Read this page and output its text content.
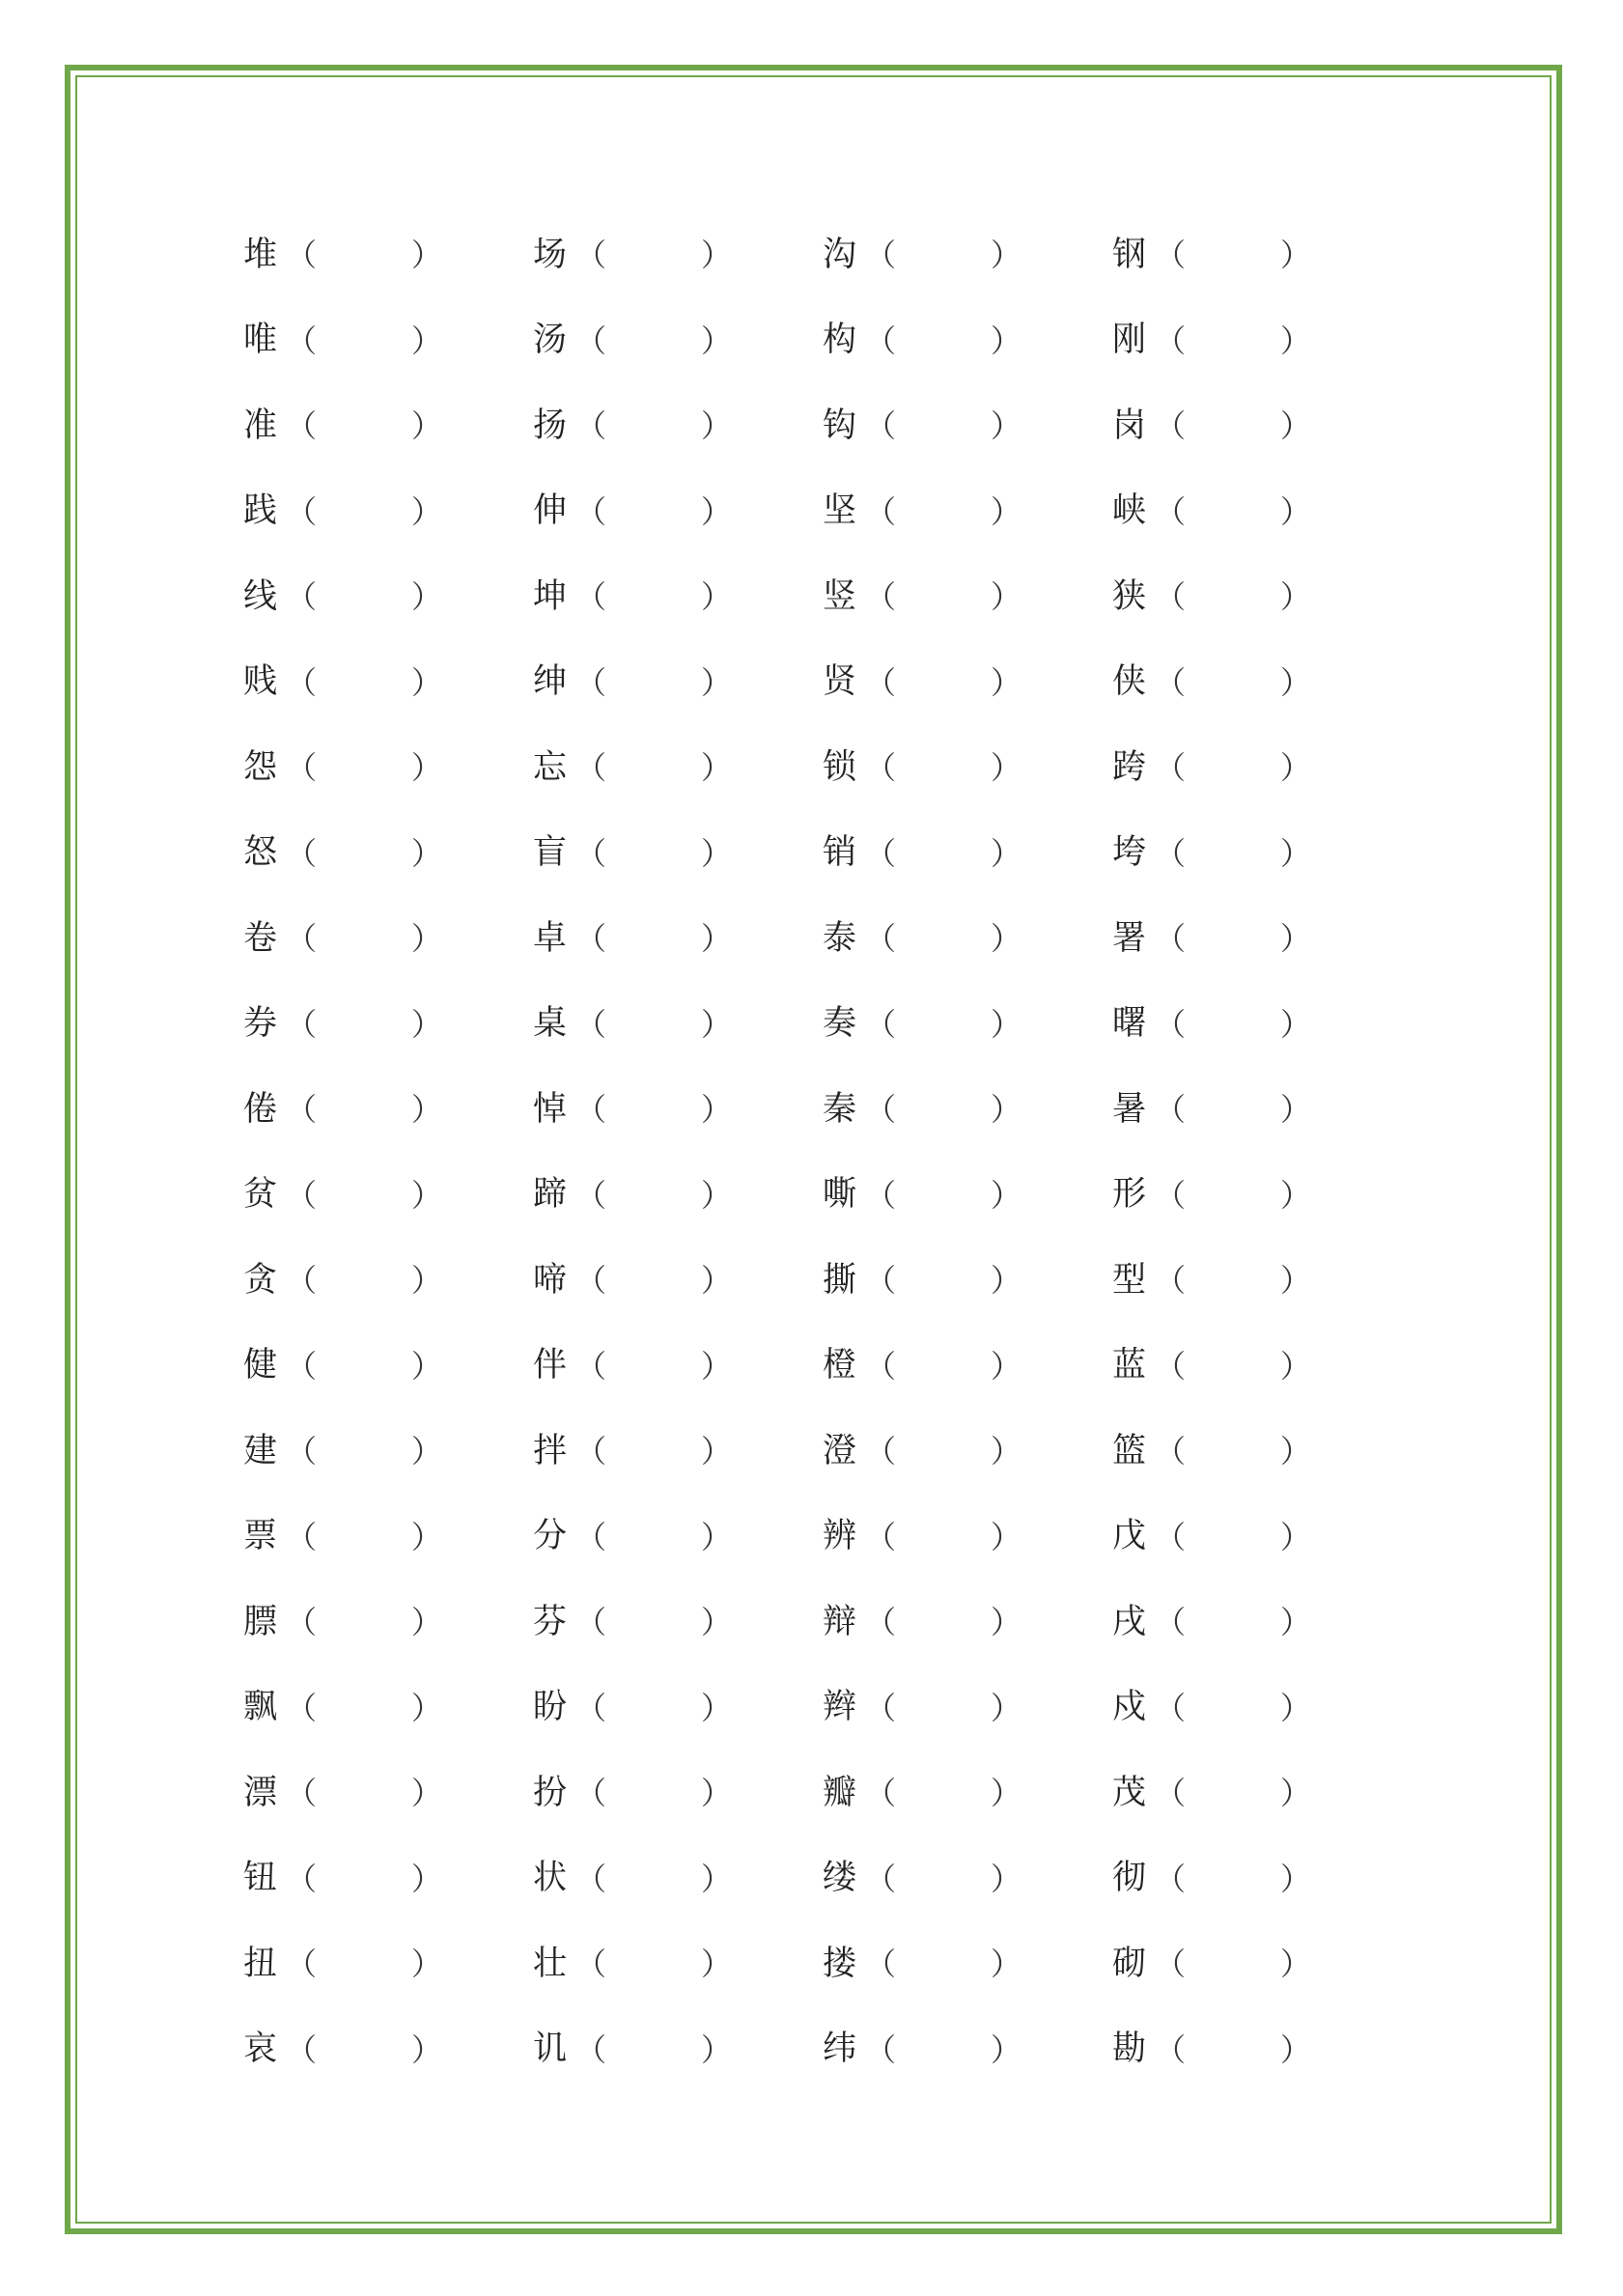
堆 （	）	场 （	）	沟 （	）	钢 （	）
唯 （	）	汤 （	）	构 （	）	刚 （	）
准 （	）	扬 （	）	钩 （	）	岗 （	）
践 （	）	伸 （	）	坚 （	）	峡 （	）
线 （	）	坤 （	）	竖 （	）	狭 （	）
贱 （	）	绅 （	）	贤 （	）	侠 （	）
怨 （	）	忘 （	）	锁 （	）	跨 （	）
怒 （	）	盲 （	）	销 （	）	垮 （	）
卷 （	）	卓 （	）	泰 （	）	署 （	）
券 （	）	桌 （	）	奏 （	）	曙 （	）
倦 （	）	悼 （	）	秦 （	）	暑 （	）
贫 （	）	蹄 （	）	嘶 （	）	形 （	）
贪 （	）	啼 （	）	撕 （	）	型 （	）
健 （	）	伴 （	）	橙 （	）	蓝 （	）
建 （	）	拌 （	）	澄 （	）	篮 （	）
票 （	）	分 （	）	辨 （	）	戊 （	）
膘 （	）	芬 （	）	辩 （	）	戌 （	）
飘 （	）	盼 （	）	辫 （	）	戍 （	）
漂 （	）	扮 （	）	瓣 （	）	茂 （	）
钮 （	）	状 （	）	缕 （	）	彻 （	）
扭 （	）	壮 （	）	搂 （	）	砌 （	）
哀 （	）	讥 （	）	纬 （	）	勘 （	）
